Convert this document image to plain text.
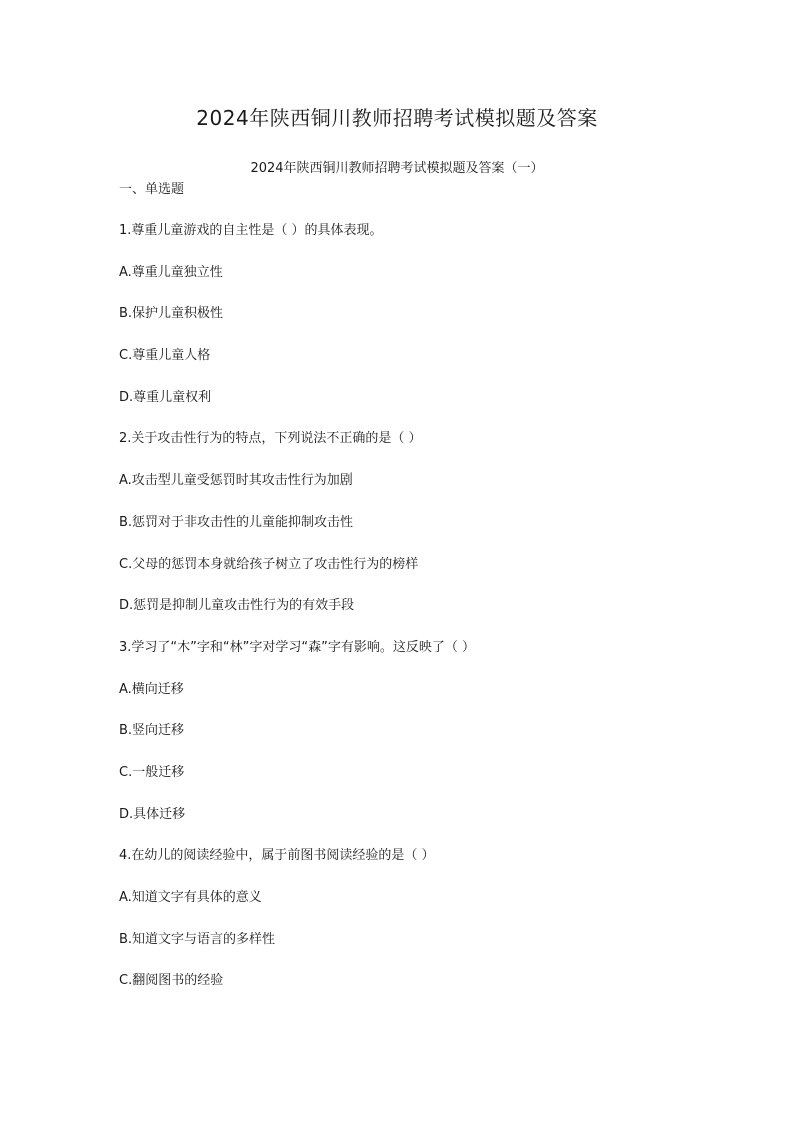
2024年陕西铜川教师招聘考试模拟题及答案

2024年陕西铜川教师招聘考试模拟题及答案（一）

一、单选题

1.尊重儿童游戏的自主性是（ ）的具体表现。
A.尊重儿童独立性
B.保护儿童积极性
C.尊重儿童人格
D.尊重儿童权利
2.关于攻击性行为的特点，下列说法不正确的是（ ）
A.攻击型儿童受惩罚时其攻击性行为加剧
B.惩罚对于非攻击性的儿童能抑制攻击性
C.父母的惩罚本身就给孩子树立了攻击性行为的榜样
D.惩罚是抑制儿童攻击性行为的有效手段
3.学习了“木”字和“林”字对学习“森”字有影响。这反映了（ ）
A.横向迁移
B.竖向迁移
C.一般迁移
D.具体迁移
4.在幼儿的阅读经验中，属于前图书阅读经验的是（ ）
A.知道文字有具体的意义
B.知道文字与语言的多样性
C.翻阅图书的经验
